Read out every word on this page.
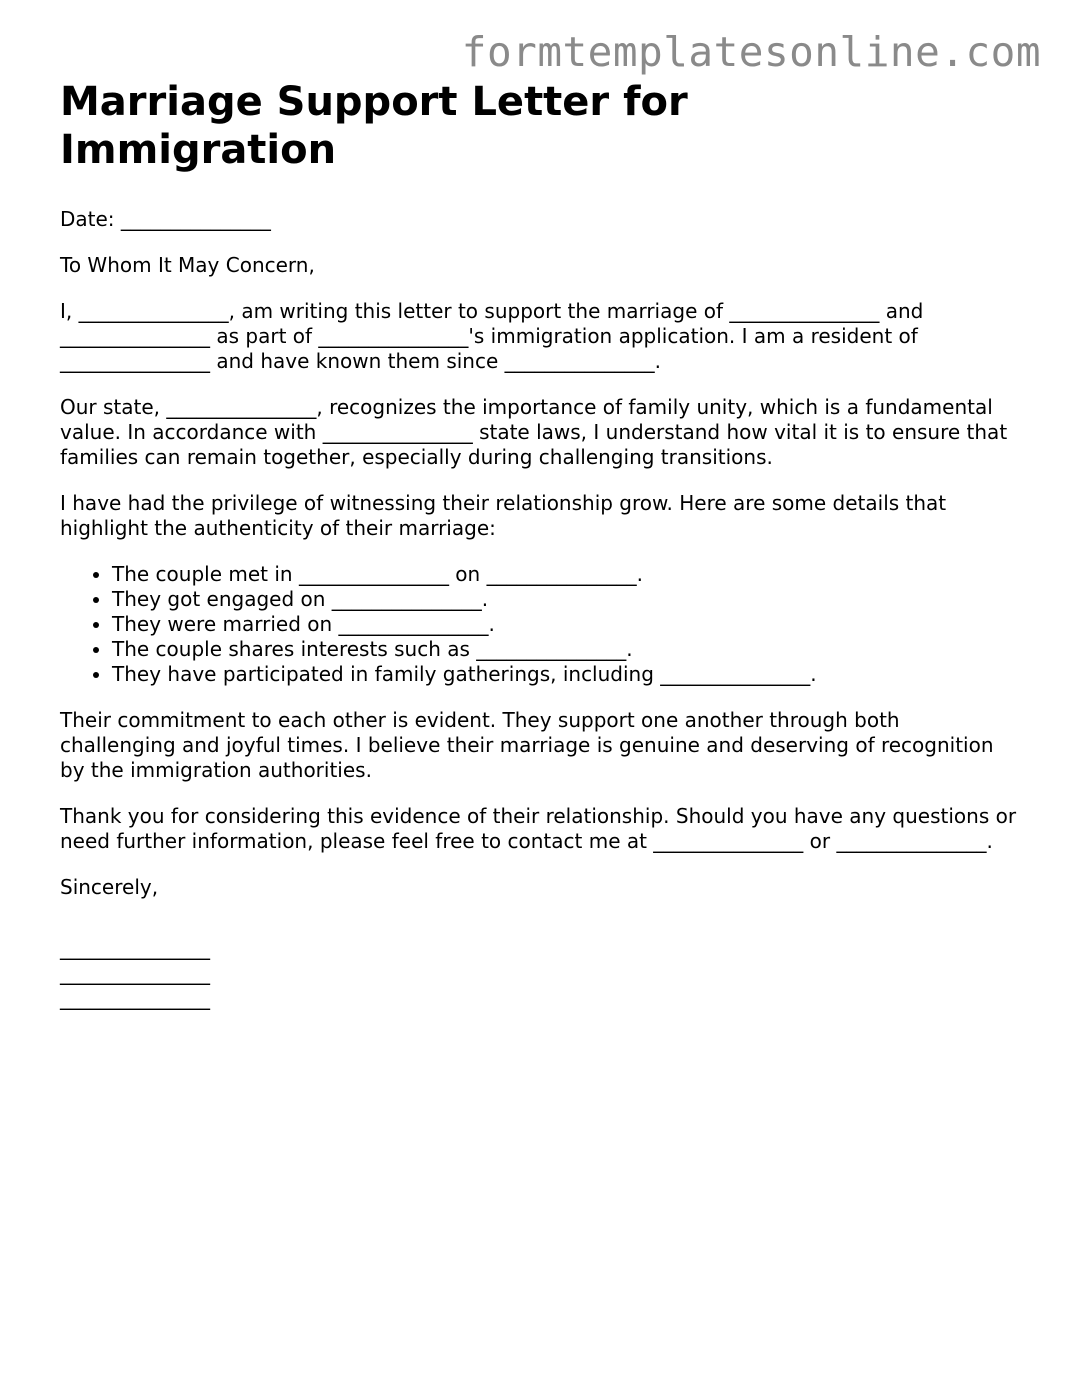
formtemplatesonline.com
Marriage Support Letter for
Immigration

Date: _______________

To Whom It May Concern,

I, _______________, am writing this letter to support the marriage of _______________ and _______________ as part of _______________'s immigration application. I am a resident of _______________ and have known them since _______________.

Our state, _______________, recognizes the importance of family unity, which is a fundamental value. In accordance with _______________ state laws, I understand how vital it is to ensure that families can remain together, especially during challenging transitions.

I have had the privilege of witnessing their relationship grow. Here are some details that highlight the authenticity of their marriage:

• The couple met in _______________ on _______________.
• They got engaged on _______________.
• They were married on _______________.
• The couple shares interests such as _______________.
• They have participated in family gatherings, including _______________.

Their commitment to each other is evident. They support one another through both challenging and joyful times. I believe their marriage is genuine and deserving of recognition by the immigration authorities.

Thank you for considering this evidence of their relationship. Should you have any questions or need further information, please feel free to contact me at _______________ or _______________.

Sincerely,

_______________
_______________
_______________
